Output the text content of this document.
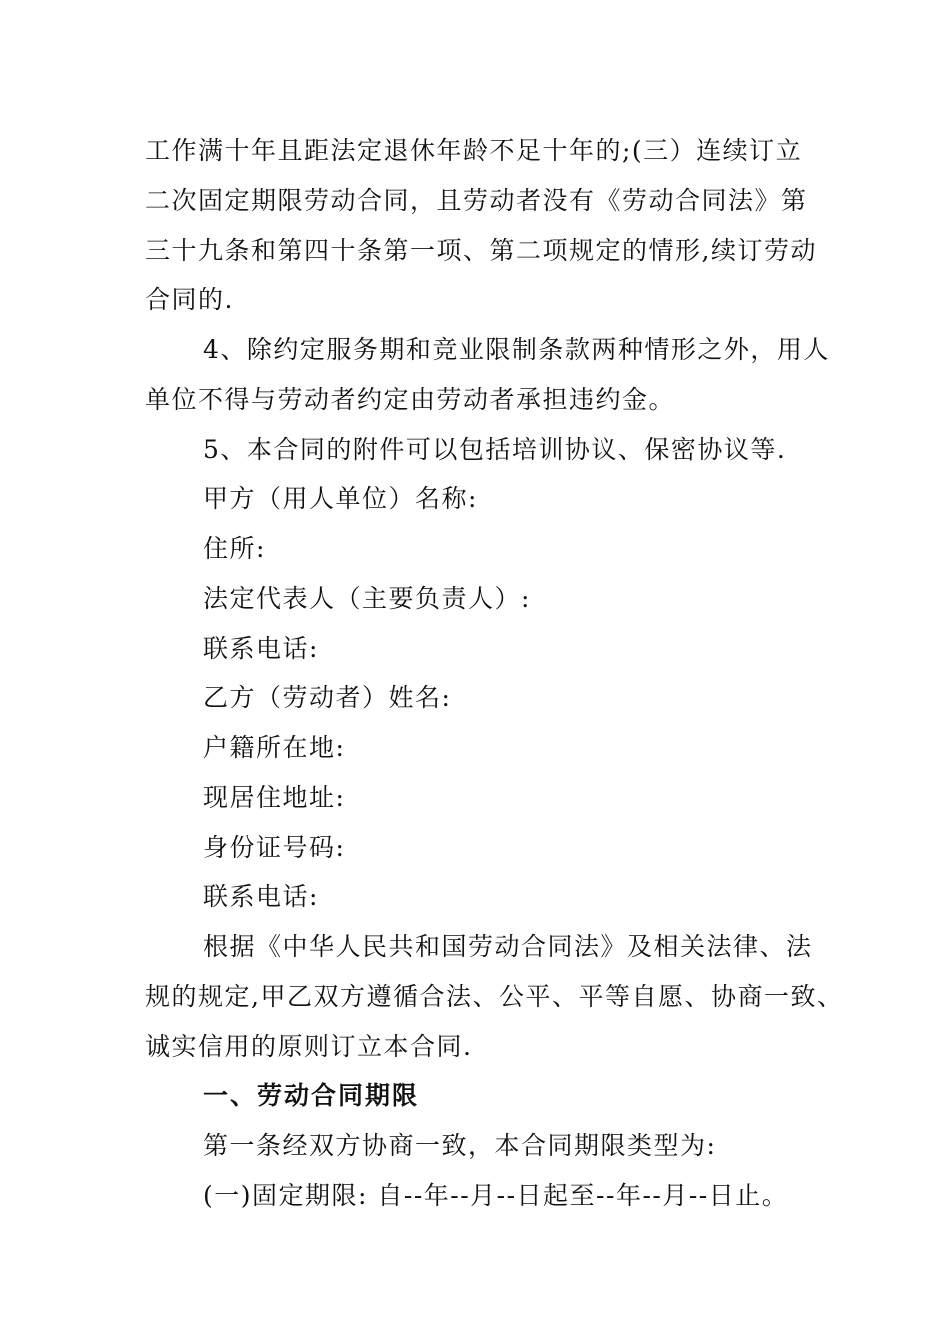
工作满十年且距法定退休年龄不足十年的;(三）连续订立
二次固定期限劳动合同，且劳动者没有《劳动合同法》第
三十九条和第四十条第一项、第二项规定的情形,续订劳动
合同的.
4、除约定服务期和竞业限制条款两种情形之外，用人
单位不得与劳动者约定由劳动者承担违约金。
5、本合同的附件可以包括培训协议、保密协议等.
甲方（用人单位）名称:
住所:
法定代表人（主要负责人）:
联系电话:
乙方（劳动者）姓名:
户籍所在地:
现居住地址:
身份证号码:
联系电话:
根据《中华人民共和国劳动合同法》及相关法律、法
规的规定,甲乙双方遵循合法、公平、平等自愿、协商一致、
诚实信用的原则订立本合同.
一、劳动合同期限
第一条经双方协商一致，本合同期限类型为:
(一)固定期限: 自--年--月--日起至--年--月--日止。
